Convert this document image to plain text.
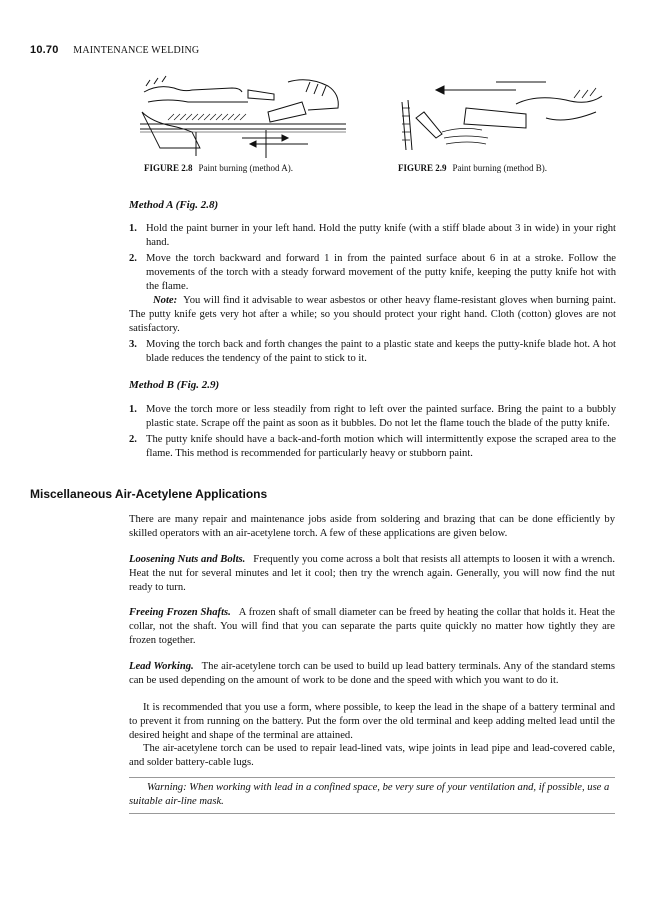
10.70 MAINTENANCE WELDING
FIGURE 2.8 Paint burning (method A).	FIGURE 2.9 Paint burning (method B).
Method A (Fig. 2.8)
1. Hold the paint burner in your left hand. Hold the putty knife (with a stiff blade about 3 in wide) in your right hand.
2. Move the torch backward and forward 1 in from the painted surface about 6 in at a stroke. Follow the movements of the torch with a steady forward movement of the putty knife, keeping the putty knife hot with the flame.
Note: You will find it advisable to wear asbestos or other heavy flame-resistant gloves when burning paint. The putty knife gets very hot after a while; so you should protect your right hand. Cloth (cotton) gloves are not satisfactory.
3. Moving the torch back and forth changes the paint to a plastic state and keeps the putty-knife blade hot. A hot blade reduces the tendency of the paint to stick to it.
Method B (Fig. 2.9)
1. Move the torch more or less steadily from right to left over the painted surface. Bring the paint to a bubbly plastic state. Scrape off the paint as soon as it bubbles. Do not let the flame touch the blade of the putty knife.
2. The putty knife should have a back-and-forth motion which will intermittently expose the scraped area to the flame. This method is recommended for particularly heavy or stubborn paint.
Miscellaneous Air-Acetylene Applications

There are many repair and maintenance jobs aside from soldering and brazing that can be done efficiently by skilled operators with an air-acetylene torch. A few of these applications are given below.

Loosening Nuts and Bolts. Frequently you come across a bolt that resists all attempts to loosen it with a wrench. Heat the nut for several minutes and let it cool; then try the wrench again. Generally, you will now find the nut ready to turn.

Freeing Frozen Shafts. A frozen shaft of small diameter can be freed by heating the collar that holds it. Heat the collar, not the shaft. You will find that you can separate the parts quite quickly no matter how tightly they are frozen together.

Lead Working. The air-acetylene torch can be used to build up lead battery terminals. Any of the standard stems can be used depending on the amount of work to be done and the speed with which you want to do it.

It is recommended that you use a form, where possible, to keep the lead in the shape of a battery terminal and to prevent it from running on the battery. Put the form over the old terminal and keep adding melted lead until the desired height and shape of the terminal are attained.

The air-acetylene torch can be used to repair lead-lined vats, wipe joints in lead pipe and lead-covered cable, and solder battery-cable lugs.

Warning: When working with lead in a confined space, be very sure of your ventilation and, if possible, use a suitable air-line mask.
